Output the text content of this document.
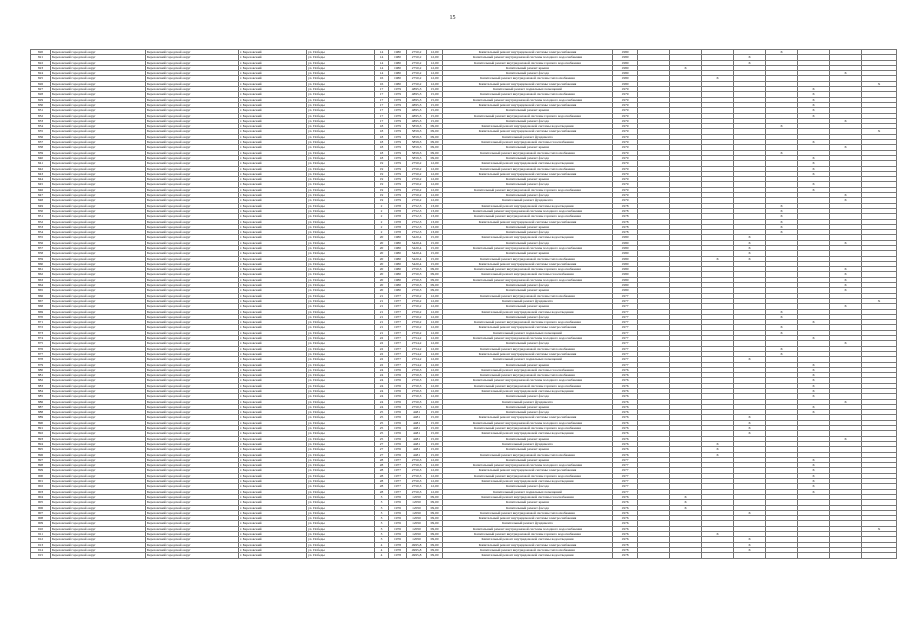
15
820	Березовский городской округ	Березовский городской округ	г. Березовский	ул. Победы	14	1980	2750,2	12,00	Капитальный ремонт внутридомовой системы электроснабжения	1980					X			
821	Березовский городской округ	Березовский городской округ	г. Березовский	ул. Победы	14	1980	2750,2	12,00	Капитальный ремонт внутридомовой системы холодного водоснабжения	1980				X				
822	Березовский городской округ	Березовский городской округ	г. Березовский	ул. Победы	14	1980	2750,2	12,00	Капитальный ремонт внутридомовой системы горячего водоснабжения	1980				X				
823	Березовский городской округ	Березовский городской округ	г. Березовский	ул. Победы	14	1980	2750,2	12,00	Капитальный ремонт крыши	1980		X						
824	Березовский городской округ	Березовский городской округ	г. Березовский	ул. Победы	14	1980	2750,2	12,00	Капитальный ремонт фасада	1980							X	
825	Березовский городской округ	Березовский городской округ	г. Березовский	ул. Победы	16	1980	2750,2	12,00	Капитальный ремонт внутридомовой системы теплоснабжения	1980			X					
826	Березовский городской округ	Березовский городской округ	г. Березовский	ул. Победы	16	1980	2750,2	12,00	Капитальный ремонт внутридомовой системы электроснабжения	1980								X
827	Березовский городской округ	Березовский городской округ	г. Березовский	ул. Победы	17	1979	4895,3	15,00	Капитальный ремонт подвальных помещений	1979						X		
828	Березовский городской округ	Березовский городской округ	г. Березовский	ул. Победы	17	1979	4895,3	15,00	Капитальный ремонт внутридомовой системы теплоснабжения	1979						X		
829	Березовский городской округ	Березовский городской округ	г. Березовский	ул. Победы	17	1979	4895,3	15,00	Капитальный ремонт внутридомовой системы холодного водоснабжения	1979						X		
830	Березовский городской округ	Березовский городской округ	г. Березовский	ул. Победы	17	1979	4895,3	15,00	Капитальный ремонт внутридомовой системы электроснабжения	1979						X		
831	Березовский городской округ	Березовский городской округ	г. Березовский	ул. Победы	17	1979	4895,3	15,00	Капитальный ремонт крыши	1979						X		
832	Березовский городской округ	Березовский городской округ	г. Березовский	ул. Победы	17	1979	4895,3	15,00	Капитальный ремонт внутридомовой системы горячего водоснабжения	1979						X		
833	Березовский городской округ	Березовский городской округ	г. Березовский	ул. Победы	17	1979	4895,3	15,00	Капитальный ремонт фасада	1979							X	
834	Березовский городской округ	Березовский городской округ	г. Березовский	ул. Победы	18	1979	5859,3	09,00	Капитальный ремонт внутридомовой системы водоотведения	1979					X			
835	Березовский городской округ	Березовский городской округ	г. Березовский	ул. Победы	18	1979	5859,3	09,00	Капитальный ремонт внутридомовой системы электроснабжения	1979								X
836	Березовский городской округ	Березовский городской округ	г. Березовский	ул. Победы	18	1979	5859,3	09,00	Капитальный ремонт фундамента	1979								
837	Березовский городской округ	Березовский городской округ	г. Березовский	ул. Победы	18	1979	5859,3	09,00	Капитальный ремонт внутридомовой системы газоснабжения	1979						X		
838	Березовский городской округ	Березовский городской округ	г. Березовский	ул. Победы	18	1979	5859,3	09,00	Капитальный ремонт крыши	1979							X	
839	Березовский городской округ	Березовский городской округ	г. Березовский	ул. Победы	18	1979	5859,3	09,00	Капитальный ремонт внутридомовой системы теплоснабжения	1979					X			
840	Березовский городской округ	Березовский городской округ	г. Березовский	ул. Победы	18	1979	5859,3	09,00	Капитальный ремонт фасада	1979						X		
841	Березовский городской округ	Березовский городской округ	г. Березовский	ул. Победы	19	1979	2750,2	12,00	Капитальный ремонт внутридомовой системы водоотведения	1979						X		
842	Березовский городской округ	Березовский городской округ	г. Березовский	ул. Победы	19	1979	2750,2	12,00	Капитальный ремонт внутридомовой системы теплоснабжения	1979						X		
843	Березовский городской округ	Березовский городской округ	г. Березовский	ул. Победы	19	1979	2750,2	12,00	Капитальный ремонт внутридомовой системы электроснабжения	1979						X		
844	Березовский городской округ	Березовский городской округ	г. Березовский	ул. Победы	19	1979	2750,2	12,00	Капитальный ремонт крыши	1979								
845	Березовский городской округ	Березовский городской округ	г. Березовский	ул. Победы	19	1979	2750,2	12,00	Капитальный ремонт фасада	1979						X		
846	Березовский городской округ	Березовский городской округ	г. Березовский	ул. Победы	19	1979	2750,2	12,00	Капитальный ремонт внутридомовой системы горячего водоснабжения	1979						X		
847	Березовский городской округ	Березовский городской округ	г. Березовский	ул. Победы	19	1979	2750,2	12,00	Капитальный ремонт фасада	1979							X	
848	Березовский городской округ	Березовский городской округ	г. Березовский	ул. Победы	19	1979	2750,2	12,00	Капитальный ремонт фундамента	1979							X	
849	Березовский городской округ	Березовский городской округ	г. Березовский	ул. Победы	2	1978	2752,3	13,00	Капитальный ремонт внутридомовой системы водоотведения	1978					X			
850	Березовский городской округ	Березовский городской округ	г. Березовский	ул. Победы	2	1978	2752,3	13,00	Капитальный ремонт внутридомовой системы холодного водоснабжения	1978					X			
851	Березовский городской округ	Березовский городской округ	г. Березовский	ул. Победы	2	1978	2752,3	13,00	Капитальный ремонт внутридомовой системы горячего водоснабжения	1978					X			
852	Березовский городской округ	Березовский городской округ	г. Березовский	ул. Победы	2	1978	2752,3	13,00	Капитальный ремонт внутридомовой системы электроснабжения	1978					X			
853	Березовский городской округ	Березовский городской округ	г. Березовский	ул. Победы	2	1978	2752,3	13,00	Капитальный ремонт крыши	1978					X			
854	Березовский городской округ	Березовский городской округ	г. Березовский	ул. Победы	2	1978	2752,3	13,00	Капитальный ремонт фасада	1978					X			
855	Березовский городской округ	Березовский городской округ	г. Березовский	ул. Победы	20	1980	5420,4	15,00	Капитальный ремонт внутридомовой системы водоотведения	1980				X				
856	Березовский городской округ	Березовский городской округ	г. Березовский	ул. Победы	20	1980	5420,4	15,00	Капитальный ремонт фасада	1980				X			X	
857	Березовский городской округ	Березовский городской округ	г. Березовский	ул. Победы	20	1980	5420,4	15,00	Капитальный ремонт внутридомовой системы холодного водоснабжения	1980				X				
858	Березовский городской округ	Березовский городской округ	г. Березовский	ул. Победы	20	1980	5420,4	15,00	Капитальный ремонт крыши	1980				X				
859	Березовский городской округ	Березовский городской округ	г. Березовский	ул. Победы	20	1980	5420,4	15,00	Капитальный ремонт внутридомовой системы теплоснабжения	1980			X	X				
860	Березовский городской округ	Березовский городской округ	г. Березовский	ул. Победы	20	1980	5420,4	15,00	Капитальный ремонт внутридомовой системы электроснабжения	1980								
861	Березовский городской округ	Березовский городской округ	г. Березовский	ул. Победы	20	1980	2750,3	09,00	Капитальный ремонт внутридомовой системы горячего водоснабжения	1980							X	
862	Березовский городской округ	Березовский городской округ	г. Березовский	ул. Победы	20	1980	2750,3	09,00	Капитальный ремонт внутридомовой системы газоснабжения	1980							X	
863	Березовский городской округ	Березовский городской округ	г. Березовский	ул. Победы	20	1980	2750,3	09,00	Капитальный ремонт внутридомовой системы холодного водоснабжения	1980							X	
864	Березовский городской округ	Березовский городской округ	г. Березовский	ул. Победы	20	1980	2750,3	09,00	Капитальный ремонт фасада	1980							X	
865	Березовский городской округ	Березовский городской округ	г. Березовский	ул. Победы	20	1980	2750,3	09,00	Капитальный ремонт крыши	1980							X	
866	Березовский городской округ	Березовский городской округ	г. Березовский	ул. Победы	21	1977	2750,2	12,00	Капитальный ремонт внутридомовой системы теплоснабжения	1977								
867	Березовский городской округ	Березовский городской округ	г. Березовский	ул. Победы	21	1977	2750,2	12,00	Капитальный ремонт фундамента	1977								X
868	Березовский городской округ	Березовский городской округ	г. Березовский	ул. Победы	21	1977	2750,2	12,00	Капитальный ремонт крыши	1977							X	
869	Березовский городской округ	Березовский городской округ	г. Березовский	ул. Победы	21	1977	2750,2	12,00	Капитальный ремонт внутридомовой системы водоотведения	1977					X			
870	Березовский городской округ	Березовский городской округ	г. Березовский	ул. Победы	21	1977	2750,2	12,00	Капитальный ремонт фасада	1977					X			
871	Березовский городской округ	Березовский городской округ	г. Березовский	ул. Победы	21	1977	2750,2	12,00	Капитальный ремонт внутридомовой системы горячего водоснабжения	1977						X		
872	Березовский городской округ	Березовский городской округ	г. Березовский	ул. Победы	21	1977	2750,2	12,00	Капитальный ремонт внутридомовой системы электроснабжения	1977					X			
873	Березовский городской округ	Березовский городской округ	г. Березовский	ул. Победы	21	1977	2750,2	12,00	Капитальный ремонт подвальных помещений	1977					X			
874	Березовский городской округ	Березовский городской округ	г. Березовский	ул. Победы	22	1977	2754,2	12,00	Капитальный ремонт внутридомовой системы холодного водоснабжения	1977						X		
875	Березовский городской округ	Березовский городской округ	г. Березовский	ул. Победы	22	1977	2754,2	12,00	Капитальный ремонт фасада	1977							X	
876	Березовский городской округ	Березовский городской округ	г. Березовский	ул. Победы	22	1977	2754,2	12,00	Капитальный ремонт внутридомовой системы теплоснабжения	1977					X			
877	Березовский городской округ	Березовский городской округ	г. Березовский	ул. Победы	22	1977	2754,2	12,00	Капитальный ремонт внутридомовой системы электроснабжения	1977					X			
878	Березовский городской округ	Березовский городской округ	г. Березовский	ул. Победы	22	1977	2754,2	12,00	Капитальный ремонт подвальных помещений	1977				X				
879	Березовский городской округ	Березовский городской округ	г. Березовский	ул. Победы	22	1977	2754,2	12,00	Капитальный ремонт крыши	1977						X		
880	Березовский городской округ	Березовский городской округ	г. Березовский	ул. Победы	24	1976	2750,3	12,00	Капитальный ремонт внутридомовой системы газоснабжения	1976						X		
881	Березовский городской округ	Березовский городской округ	г. Березовский	ул. Победы	24	1976	2750,3	12,00	Капитальный ремонт внутридомовой системы теплоснабжения	1976						X		
882	Березовский городской округ	Березовский городской округ	г. Березовский	ул. Победы	24	1976	2750,3	12,00	Капитальный ремонт внутридомовой системы холодного водоснабжения	1976						X		
883	Березовский городской округ	Березовский городской округ	г. Березовский	ул. Победы	24	1976	2750,3	12,00	Капитальный ремонт внутридомовой системы горячего водоснабжения	1976						X		
884	Березовский городской округ	Березовский городской округ	г. Березовский	ул. Победы	24	1976	2750,3	12,00	Капитальный ремонт внутридомовой системы водоотведения	1976						X		
885	Березовский городской округ	Березовский городской округ	г. Березовский	ул. Победы	24	1976	2750,3	12,00	Капитальный ремонт фасада	1976						X		
886	Березовский городской округ	Березовский городской округ	г. Березовский	ул. Победы	24	1976	2750,3	12,00	Капитальный ремонт фундамента	1976							X	
887	Березовский городской округ	Березовский городской округ	г. Березовский	ул. Победы	24	1976	2750,3	12,00	Капитальный ремонт крыши	1976						X		
888	Березовский городской округ	Березовский городской округ	г. Березовский	ул. Победы	25	1976	4481	15,00	Капитальный ремонт фасада	1976						X		
889	Березовский городской округ	Березовский городской округ	г. Березовский	ул. Победы	25	1976	4481	15,00	Капитальный ремонт внутридомовой системы электроснабжения	1976				X				
890	Березовский городской округ	Березовский городской округ	г. Березовский	ул. Победы	25	1976	4481	15,00	Капитальный ремонт внутридомовой системы холодного водоснабжения	1976				X				
891	Березовский городской округ	Березовский городской округ	г. Березовский	ул. Победы	25	1976	4481	15,00	Капитальный ремонт внутридомовой системы горячего водоснабжения	1976				X				
892	Березовский городской округ	Березовский городской округ	г. Березовский	ул. Победы	25	1976	4481	15,00	Капитальный ремонт внутридомовой системы водоотведения	1976				X				
893	Березовский городской округ	Березовский городской округ	г. Березовский	ул. Победы	25	1976	4481	15,00	Капитальный ремонт крыши	1976							X	
894	Березовский городской округ	Березовский городской округ	г. Березовский	ул. Победы	27	1976	4481	15,00	Капитальный ремонт фундамента	1976			X					
895	Березовский городской округ	Березовский городской округ	г. Березовский	ул. Победы	27	1976	4481	15,00	Капитальный ремонт крыши	1976			X					
896	Березовский городской округ	Березовский городской округ	г. Березовский	ул. Победы	27	1976	4481	15,00	Капитальный ремонт внутридомовой системы теплоснабжения	1976			X					
897	Березовский городской округ	Березовский городской округ	г. Березовский	ул. Победы	28	1977	2750,3	12,00	Капитальный ремонт крыши	1977						X		
898	Березовский городской округ	Березовский городской округ	г. Березовский	ул. Победы	28	1977	2750,3	12,00	Капитальный ремонт внутридомовой системы холодного водоснабжения	1977						X		
899	Березовский городской округ	Березовский городской округ	г. Березовский	ул. Победы	28	1977	2750,3	12,00	Капитальный ремонт внутридомовой системы электроснабжения	1977						X		
900	Березовский городской округ	Березовский городской округ	г. Березовский	ул. Победы	28	1977	2750,3	12,00	Капитальный ремонт внутридомовой системы горячего водоснабжения	1977						X		
901	Березовский городской округ	Березовский городской округ	г. Березовский	ул. Победы	28	1977	2750,3	12,00	Капитальный ремонт внутридомовой системы водоотведения	1977						X		
902	Березовский городской округ	Березовский городской округ	г. Березовский	ул. Победы	28	1977	2750,3	12,00	Капитальный ремонт фасада	1977						X		
903	Березовский городской округ	Березовский городской округ	г. Березовский	ул. Победы	28	1977	2750,3	12,00	Капитальный ремонт подвальных помещений	1977						X		
904	Березовский городской округ	Березовский городской округ	г. Березовский	ул. Победы	3	1976	12050	09,00	Капитальный ремонт внутридомовой системы газоснабжения	1976		X						
905	Березовский городской округ	Березовский городской округ	г. Березовский	ул. Победы	3	1976	12050	09,00	Капитальный ремонт крыши	1976		X						
906	Березовский городской округ	Березовский городской округ	г. Березовский	ул. Победы	3	1976	12050	09,00	Капитальный ремонт фасада	1976		X						
907	Березовский городской округ	Березовский городской округ	г. Березовский	ул. Победы	3	1976	12050	09,00	Капитальный ремонт внутридомовой системы теплоснабжения	1976				X				
908	Березовский городской округ	Березовский городской округ	г. Березовский	ул. Победы	3	1976	12050	09,00	Капитальный ремонт внутридомовой системы электроснабжения	1976								
909	Березовский городской округ	Березовский городской округ	г. Березовский	ул. Победы	3	1976	12050	09,00	Капитальный ремонт фундамента	1976								
910	Березовский городской округ	Березовский городской округ	г. Березовский	ул. Победы	3	1976	12050	09,00	Капитальный ремонт внутридомовой системы холодного водоснабжения	1976								X
911	Березовский городской округ	Березовский городской округ	г. Березовский	ул. Победы	3	1976	12050	09,00	Капитальный ремонт внутридомовой системы горячего водоснабжения	1976			X					
912	Березовский городской округ	Березовский городской округ	г. Березовский	ул. Победы	3	1976	12050	09,00	Капитальный ремонт внутридомовой системы водоотведения	1976				X				
913	Березовский городской округ	Березовский городской округ	г. Березовский	ул. Победы	4	1978	4995,8	09,00	Капитальный ремонт внутридомовой системы электроснабжения	1978				X				
914	Березовский городской округ	Березовский городской округ	г. Березовский	ул. Победы	4	1978	4995,8	09,00	Капитальный ремонт внутридомовой системы теплоснабжения	1978				X				
915	Березовский городской округ	Березовский городской округ	г. Березовский	ул. Победы	4	1978	4995,8	09,00	Капитальный ремонт внутридомовой системы водоотведения	1978								
